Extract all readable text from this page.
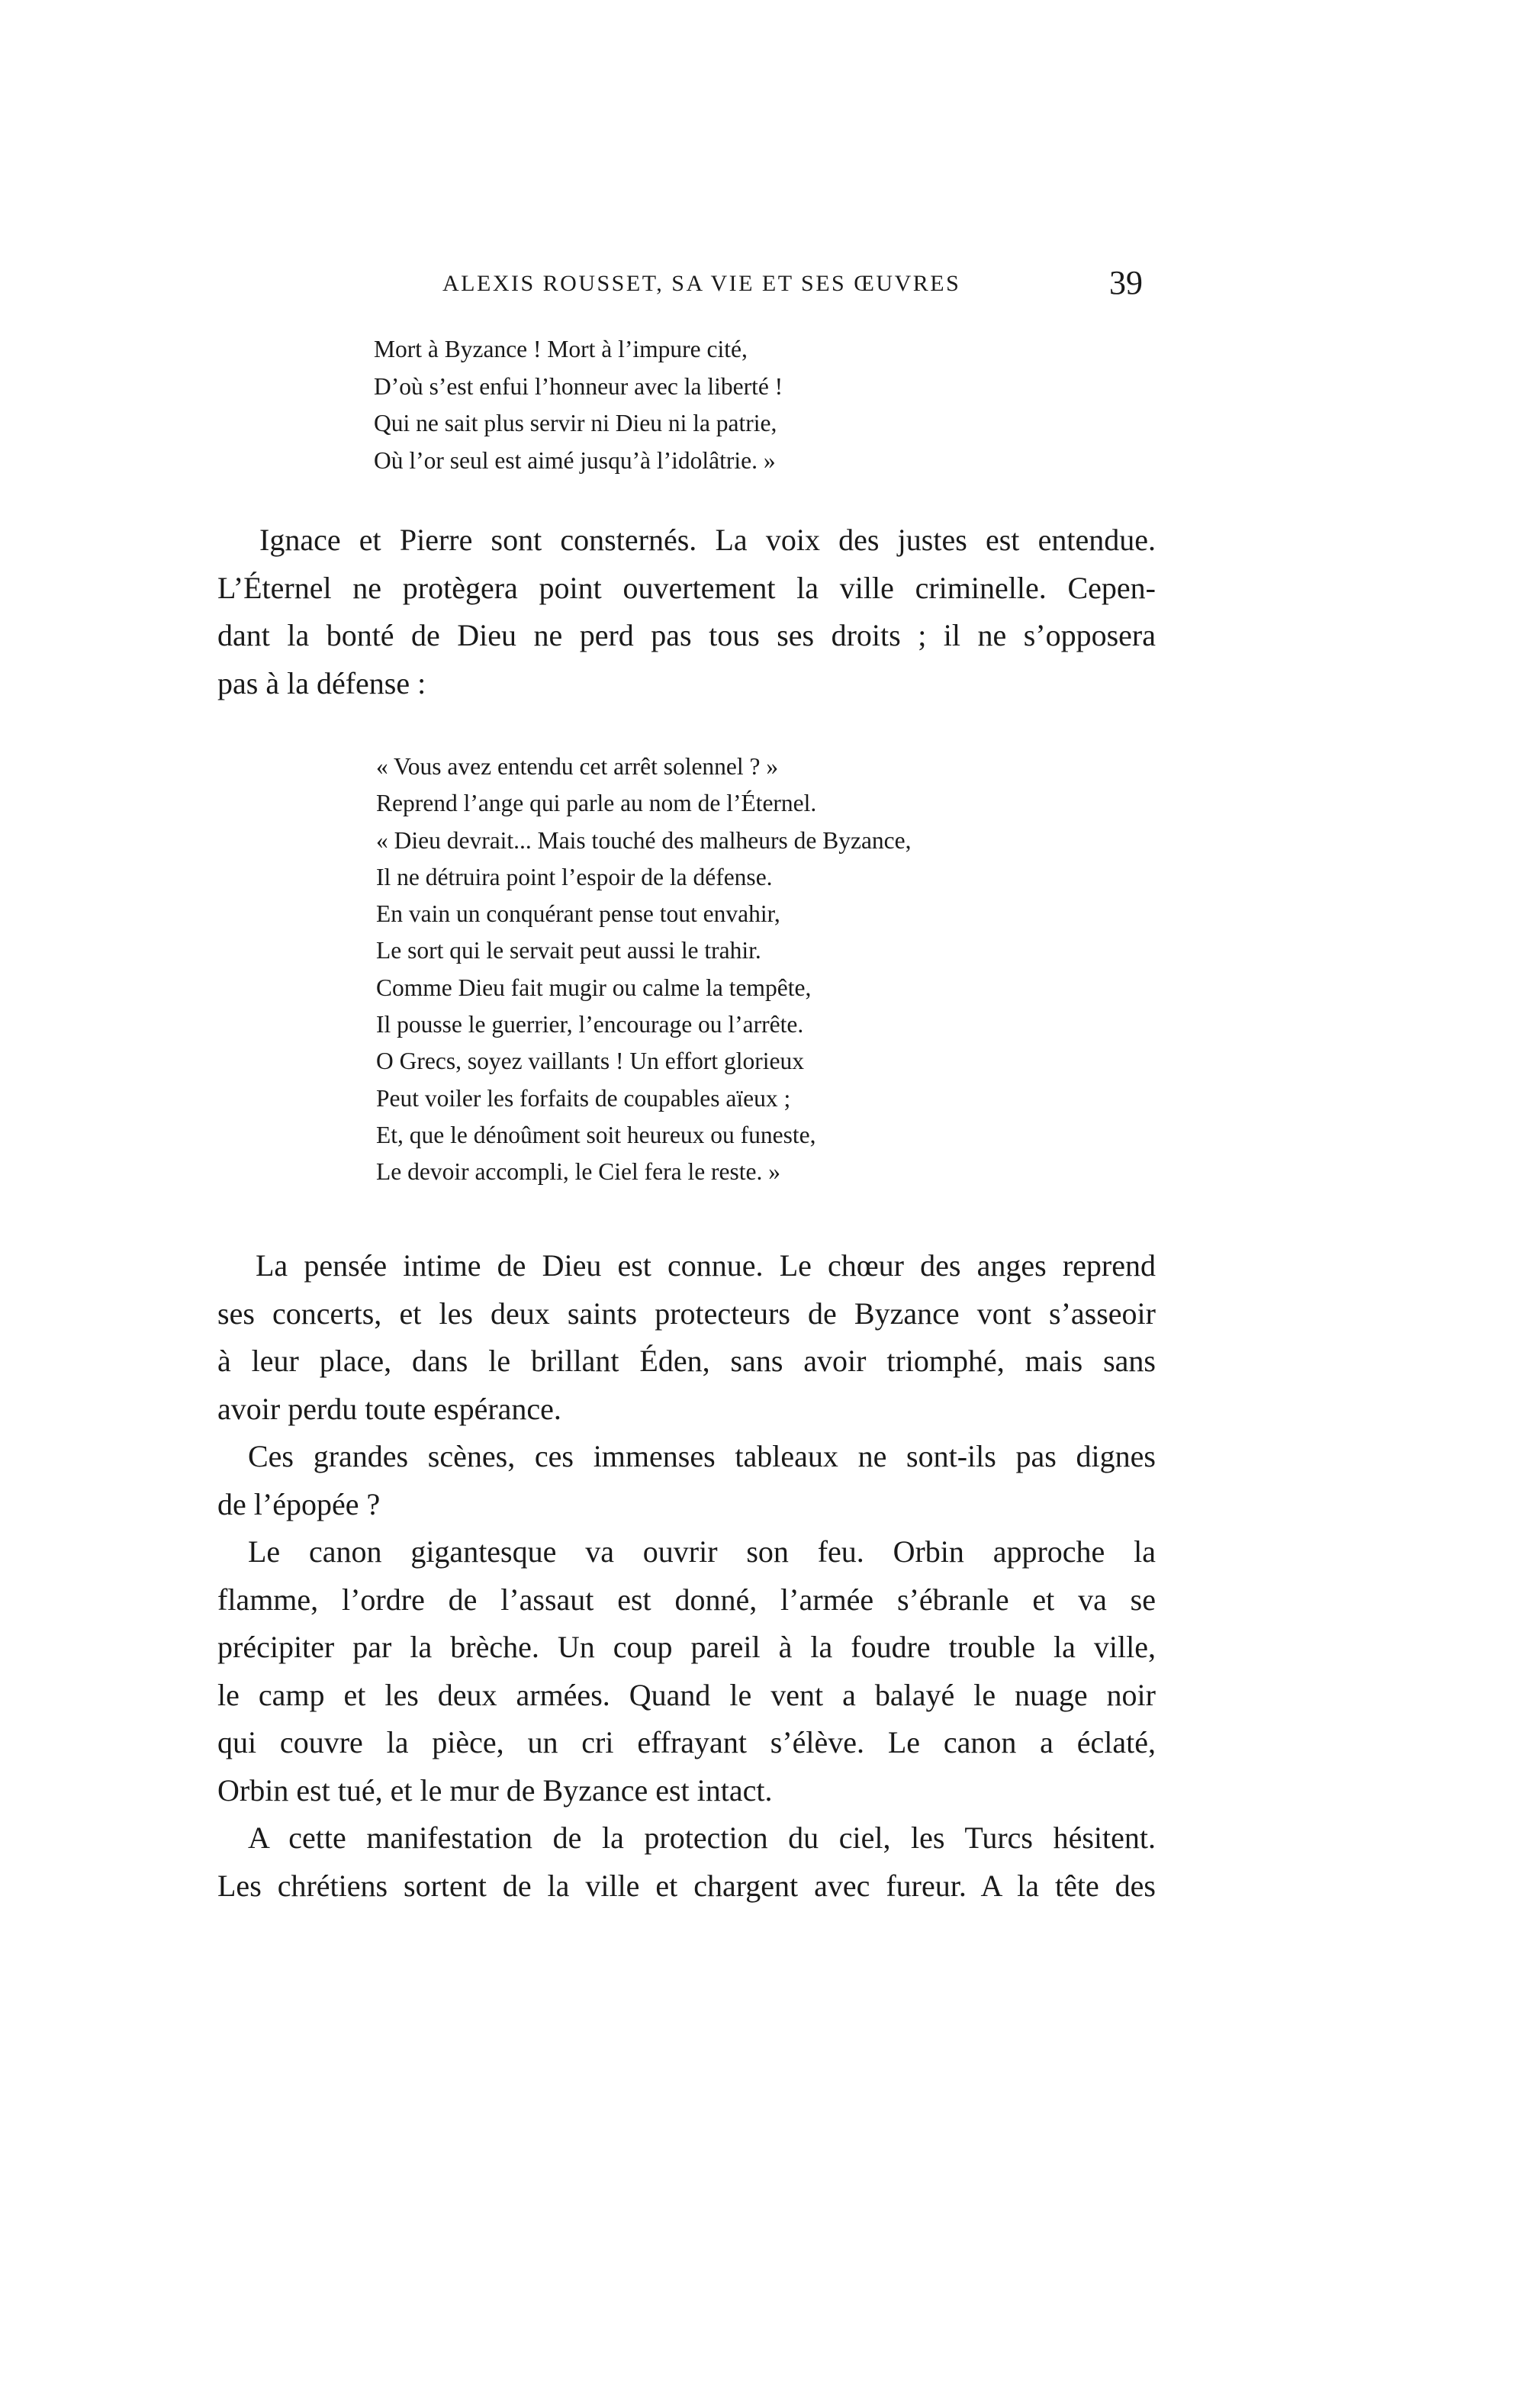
ALEXIS ROUSSET, SA VIE ET SES ŒUVRES	39
Mort à Byzance ! Mort à l’impure cité,
D’où s’est enfui l’honneur avec la liberté !
Qui ne sait plus servir ni Dieu ni la patrie,
Où l’or seul est aimé jusqu’à l’idolâtrie. »
Ignace et Pierre sont consternés. La voix des justes est entendue.
L’Éternel ne protègera point ouvertement la ville criminelle. Cepen-
dant la bonté de Dieu ne perd pas tous ses droits ; il ne s’opposera
pas à la défense :
« Vous avez entendu cet arrêt solennel ? »
Reprend l’ange qui parle au nom de l’Éternel.
« Dieu devrait... Mais touché des malheurs de Byzance,
Il ne détruira point l’espoir de la défense.
En vain un conquérant pense tout envahir,
Le sort qui le servait peut aussi le trahir.
Comme Dieu fait mugir ou calme la tempête,
Il pousse le guerrier, l’encourage ou l’arrête.
O Grecs, soyez vaillants ! Un effort glorieux
Peut voiler les forfaits de coupables aïeux ;
Et, que le dénoûment soit heureux ou funeste,
Le devoir accompli, le Ciel fera le reste. »
La pensée intime de Dieu est connue. Le chœur des anges reprend
ses concerts, et les deux saints protecteurs de Byzance vont s’asseoir
à leur place, dans le brillant Éden, sans avoir triomphé, mais sans
avoir perdu toute espérance.
Ces grandes scènes, ces immenses tableaux ne sont-ils pas dignes
de l’épopée ?
Le canon gigantesque va ouvrir son feu. Orbin approche la
flamme, l’ordre de l’assaut est donné, l’armée s’ébranle et va se
précipiter par la brèche. Un coup pareil à la foudre trouble la ville,
le camp et les deux armées. Quand le vent a balayé le nuage noir
qui couvre la pièce, un cri effrayant s’élève. Le canon a éclaté,
Orbin est tué, et le mur de Byzance est intact.
A cette manifestation de la protection du ciel, les Turcs hésitent.
Les chrétiens sortent de la ville et chargent avec fureur. A la tête des
